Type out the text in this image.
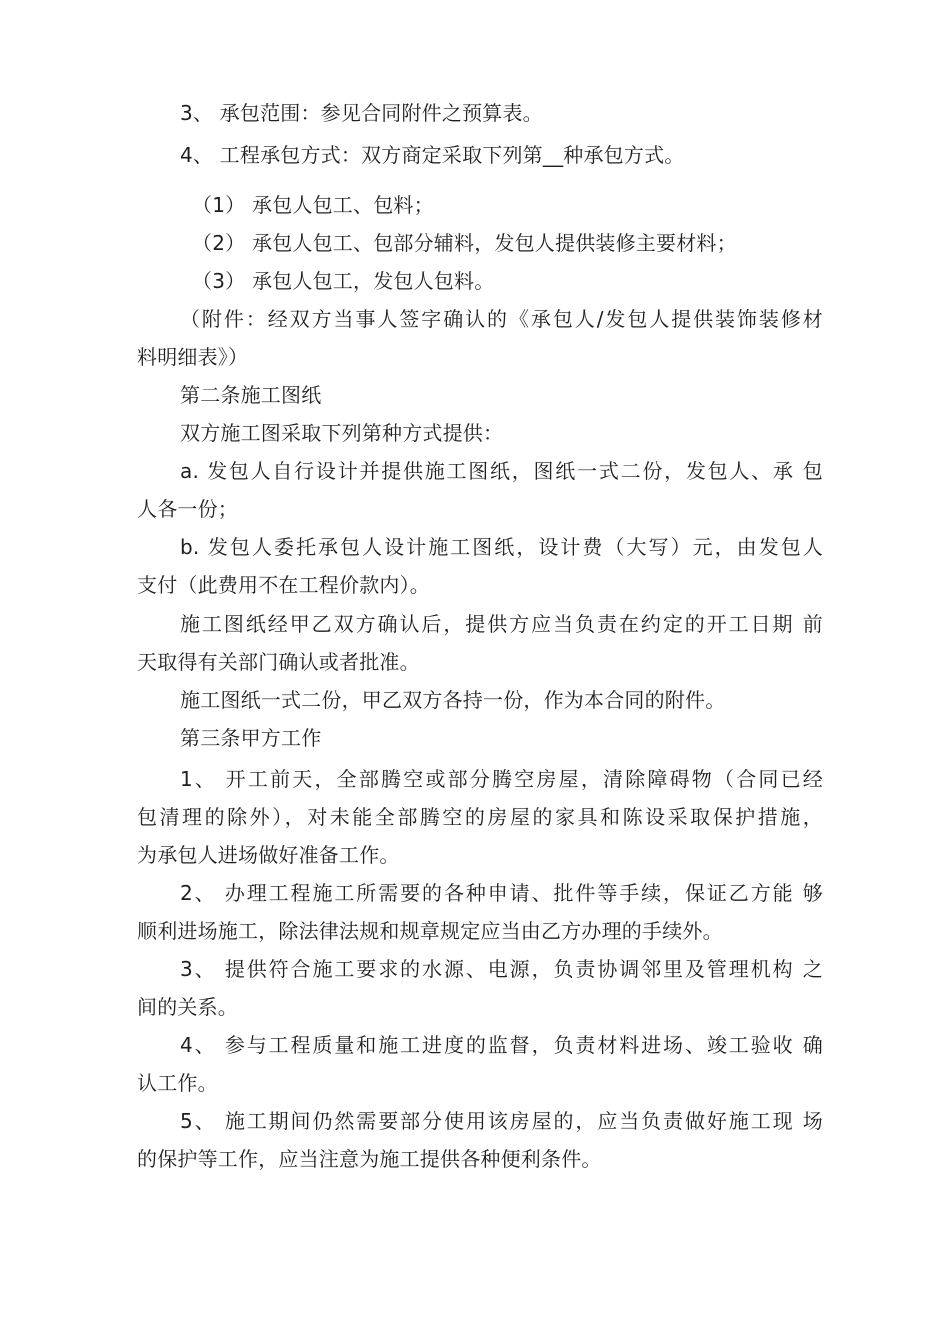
3、 承包范围：参见合同附件之预算表。
4、 工程承包方式：双方商定采取下列第__种承包方式。
（1） 承包人包工、包料；
（2） 承包人包工、包部分辅料，发包人提供装修主要材料；
（3） 承包人包工，发包人包料。
（附件：经双方当事人签字确认的《承包人/发包人提供装饰装修材
料明细表》）
第二条施工图纸
双方施工图采取下列第种方式提供：
a. 发包人自行设计并提供施工图纸，图纸一式二份，发包人、承 包
人各一份；
b. 发包人委托承包人设计施工图纸，设计费（大写）元，由发包人
支付（此费用不在工程价款内）。
施工图纸经甲乙双方确认后，提供方应当负责在约定的开工日期 前
天取得有关部门确认或者批准。
施工图纸一式二份，甲乙双方各持一份，作为本合同的附件。
第三条甲方工作
1、 开工前天，全部腾空或部分腾空房屋，清除障碍物（合同已经
包清理的除外），对未能全部腾空的房屋的家具和陈设采取保护措施，
为承包人进场做好准备工作。
2、 办理工程施工所需要的各种申请、批件等手续，保证乙方能 够
顺利进场施工，除法律法规和规章规定应当由乙方办理的手续外。
3、 提供符合施工要求的水源、电源，负责协调邻里及管理机构 之
间的关系。
4、 参与工程质量和施工进度的监督，负责材料进场、竣工验收 确
认工作。
5、 施工期间仍然需要部分使用该房屋的，应当负责做好施工现 场
的保护等工作，应当注意为施工提供各种便利条件。
